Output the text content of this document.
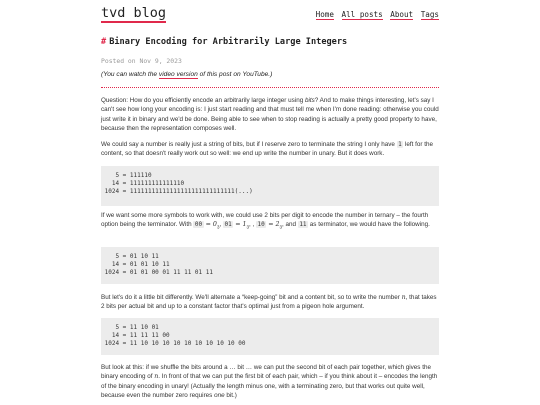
tvd blog	Home All posts About Tags
# Binary Encoding for Arbitrarily Large Integers
Posted on Nov 9, 2023
(You can watch the video version of this post on YouTube.)

Question: How do you efficiently encode an arbitrarily large integer using bits? And to make things interesting, let's say I can't see how long your encoding is: I just start reading and that must tell me when I'm done reading: otherwise you could just write it in binary and we'd be done. Being able to see when to stop reading is actually a pretty good property to have, because then the representation composes well.

We could say a number is really just a string of bits, but if I reserve zero to terminate the string I only have 1 left for the content, so that doesn't really work out so well: we end up write the number in unary. But it does work.

5 = 111110
14 = 111111111111110
1024 = 11111111111111111111111111111(...)

If we want some more symbols to work with, we could use 2 bits per digit to encode the number in ternary – the fourth option being the terminator. With $00 = 0_3$, $01 = 1_3$, , $10 = 2_3$, and 11 as terminator, we would have the following.

5 = 01 10 11
14 = 01 01 10 11
1024 = 01 01 00 01 11 11 01 11

But let's do it a little bit differently. We'll alternate a “keep-going” bit and a content bit, so to write the number n, that takes 2 bits per actual bit and up to a constant factor that's optimal just from a pigeon hole argument.

5 = 11 10 01
14 = 11 11 11 00
1024 = 11 10 10 10 10 10 10 10 10 10 00

But look at this: if we shuffle the bits around a … bit … we can put the second bit of each pair together, which gives the binary encoding of n. In front of that we can put the first bit of each pair, which – if you think about it – encodes the length of the binary encoding in unary! (Actually the length minus one, with a terminating zero, but that works out quite well, because even the number zero requires one bit.)
